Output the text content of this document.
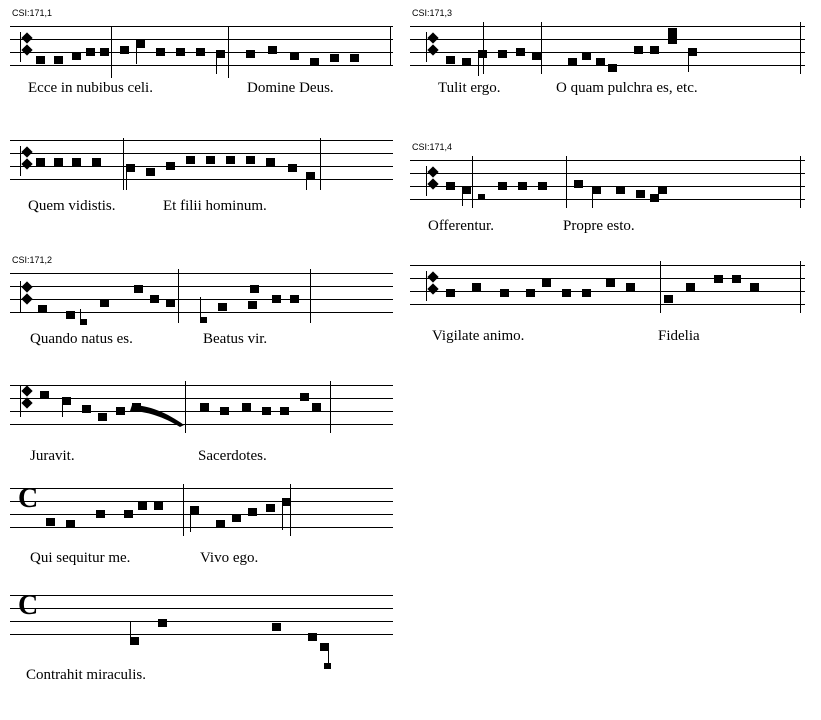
CSI:171,1
Ecce in nubibus celi.	Domine Deus.
Quem vidistis.	Et filii hominum.
CSI:171,2
Quando natus es.	Beatus vir.
Juravit.	Sacerdotes.
C
Qui sequitur me.	Vivo ego.
C
Contrahit miraculis.
CSI:171,3
Tulit ergo.	O quam pulchra es, etc.
CSI:171,4
Offerentur.	Propre esto.
Vigilate animo.	Fidelia
